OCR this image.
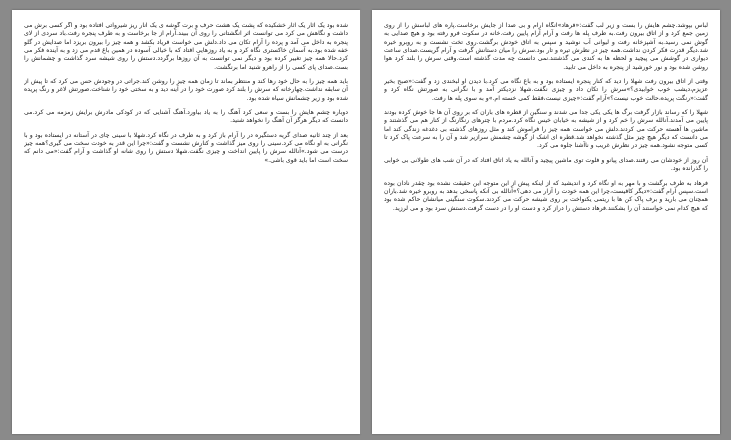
شده بود یک آثار یک اثار خشکیده که پشت یک هشت حرف و برت گوشه ی یک انار ریز شیرواتی افتاده بود و اگر کسی برش می داشت و نگاهش می کرد می توانست اثر انگشتانی را روی آن ببیند.آرام از جا برخاست و به طرف پنجره رفت.باد سردی از لای پنجره به داخل می آمد و پرده را آرام تکان می داد.دلش می خواست فریاد بکشد و همه چیز را بیرون بریزد اما صدایش در گلو خفه شده بود.به آسمان خاکستری نگاه کرد و به یاد روزهایی افتاد که با خیالی آسوده در همین باغ قدم می زد و به آینده فکر می کرد.حالا همه چیز تغییر کرده بود و دیگر نمی توانست به آن روزها برگردد.دستش را روی شیشه سرد گذاشت و چشمانش را بست.صدای پای کسی را از راهرو شنید اما برنگشت.

باید همه چیز را به حال خود رها کند و منتظر بماند تا زمان همه چیز را روشن کند.جراتی در وجودش حس می کرد که تا پیش از آن سابقه نداشت.چهارخانه که سرش را بلند کرد صورت خود را در آینه دید و به سختی خود را شناخت.صورتش لاغر و رنگ پریده شده بود و زیر چشمانش سیاه شده بود.

دوباره چشم هایش را بست و سعی کرد آهنگ را به یاد بیاورد.آهنگ آشنایی که در کودکی مادرش برایش زمزمه می کرد.می دانست که دیگر هرگز آن آهنگ را نخواهد شنید.

بعد از چند ثانیه صدای گریه دستگیره در را آرام باز کرد و به طرف در نگاه کرد.شهلا با سینی چای در آستانه در ایستاده بود و با نگرانی به او نگاه می کرد.سینی را روی میز گذاشت و کنارش نشست و گفت:«چرا این قدر به خودت سخت می گیری؟همه چیز درست می شود.»آنالله سرش را پایین انداخت و چیزی نگفت.شهلا دستش را روی شانه او گذاشت و آرام گفت:«می دانم که سخت است اما باید قوی باشی.»

لباس بپوشد.چشم هایش را بست و زیر لب گفت:«فرهاد»آنگاه آرام و بی صدا از جایش برخاست.پاره های لباسش را از روی زمین جمع کرد و از اتاق بیرون رفت.به طرف پله ها رفت و آرام آرام پایین رفت.خانه در سکوت فرو رفته بود و هیچ صدایی به گوش نمی رسید.به آشپزخانه رفت و لیوانی آب نوشید و سپس به اتاق خودش برگشت.روی تخت نشست و به روبرو خیره شد.دیگر قدرت فکر کردن نداشت.همه چیز در نظرش تیره و تار بود.سرش را میان دستانش گرفت و آرام گریست.صدای ساعت دیواری در گوشش می پیچید و لحظه ها به کندی می گذشتند.نمی دانست چه مدت گذشته است.وقتی سرش را بلند کرد هوا روشن شده بود و نور خورشید از پنجره به داخل می تابید.

وقتی از اتاق بیرون رفت شهلا را دید که کنار پنجره ایستاده بود و به باغ نگاه می کرد.با دیدن او لبخندی زد و گفت:«صبح بخیر عزیزم،دیشب خوب خوابیدی؟»سرش را تکان داد و چیزی نگفت.شهلا نزدیکتر آمد و با نگرانی به صورتش نگاه کرد و گفت:«رنگت پریده،حالت خوب نیست؟»آرام گفت:«چیزی نیست،فقط کمی خسته ام.»و به سوی پله ها رفت.

شهلا را که رساند بازار گرفت برگ ها یکی یکی جدا می شدند و سنگین از قطره های باران که بر روی آن ها جا خوش کرده بودند پایین می آمدند.آنالله سرش را خم کرد و از شیشه به خیابان خیس نگاه کرد.مردم با چترهای رنگارنگ از کنار هم می گذشتند و ماشین ها آهسته حرکت می کردند.دلش می خواست همه چیز را فراموش کند و مثل روزهای گذشته بی دغدغه زندگی کند اما می دانست که دیگر هیچ چیز مثل گذشته نخواهد شد.قطره ای اشک از گوشه چشمش سرازیر شد و آن را به سرعت پاک کرد تا کسی متوجه نشود.همه چیز در نظرش غریب و ناآشنا جلوه می کرد.

آن روز از خودشان می رفتند.صدای پیانو و فلوت توی ماشین پیچید و آنالله به یاد اتاق افتاد که در آن شب های طولانی بی خوابی را گذرانده بود.

فرهاد به طرف برگشت و با مهر به او نگاه کرد و اندیشید که از اینکه پیش از این متوجه این حقیقت نشده بود چقدر نادان بوده است.سپس آرام گفت:«دیگر کافیست،چرا این همه خودت را آزار می دهی؟»آنالله بی آنکه پاسخی بدهد به روبرو خیره شد.باران همچنان می بارید و برف پاک کن ها با ریتمی یکنواخت بر روی شیشه حرکت می کردند.سکوت سنگینی میانشان حاکم شده بود که هیچ کدام نمی خواستند آن را بشکنند.فرهاد دستش را دراز کرد و دست او را در دست گرفت.دستش سرد بود و می لرزید.
